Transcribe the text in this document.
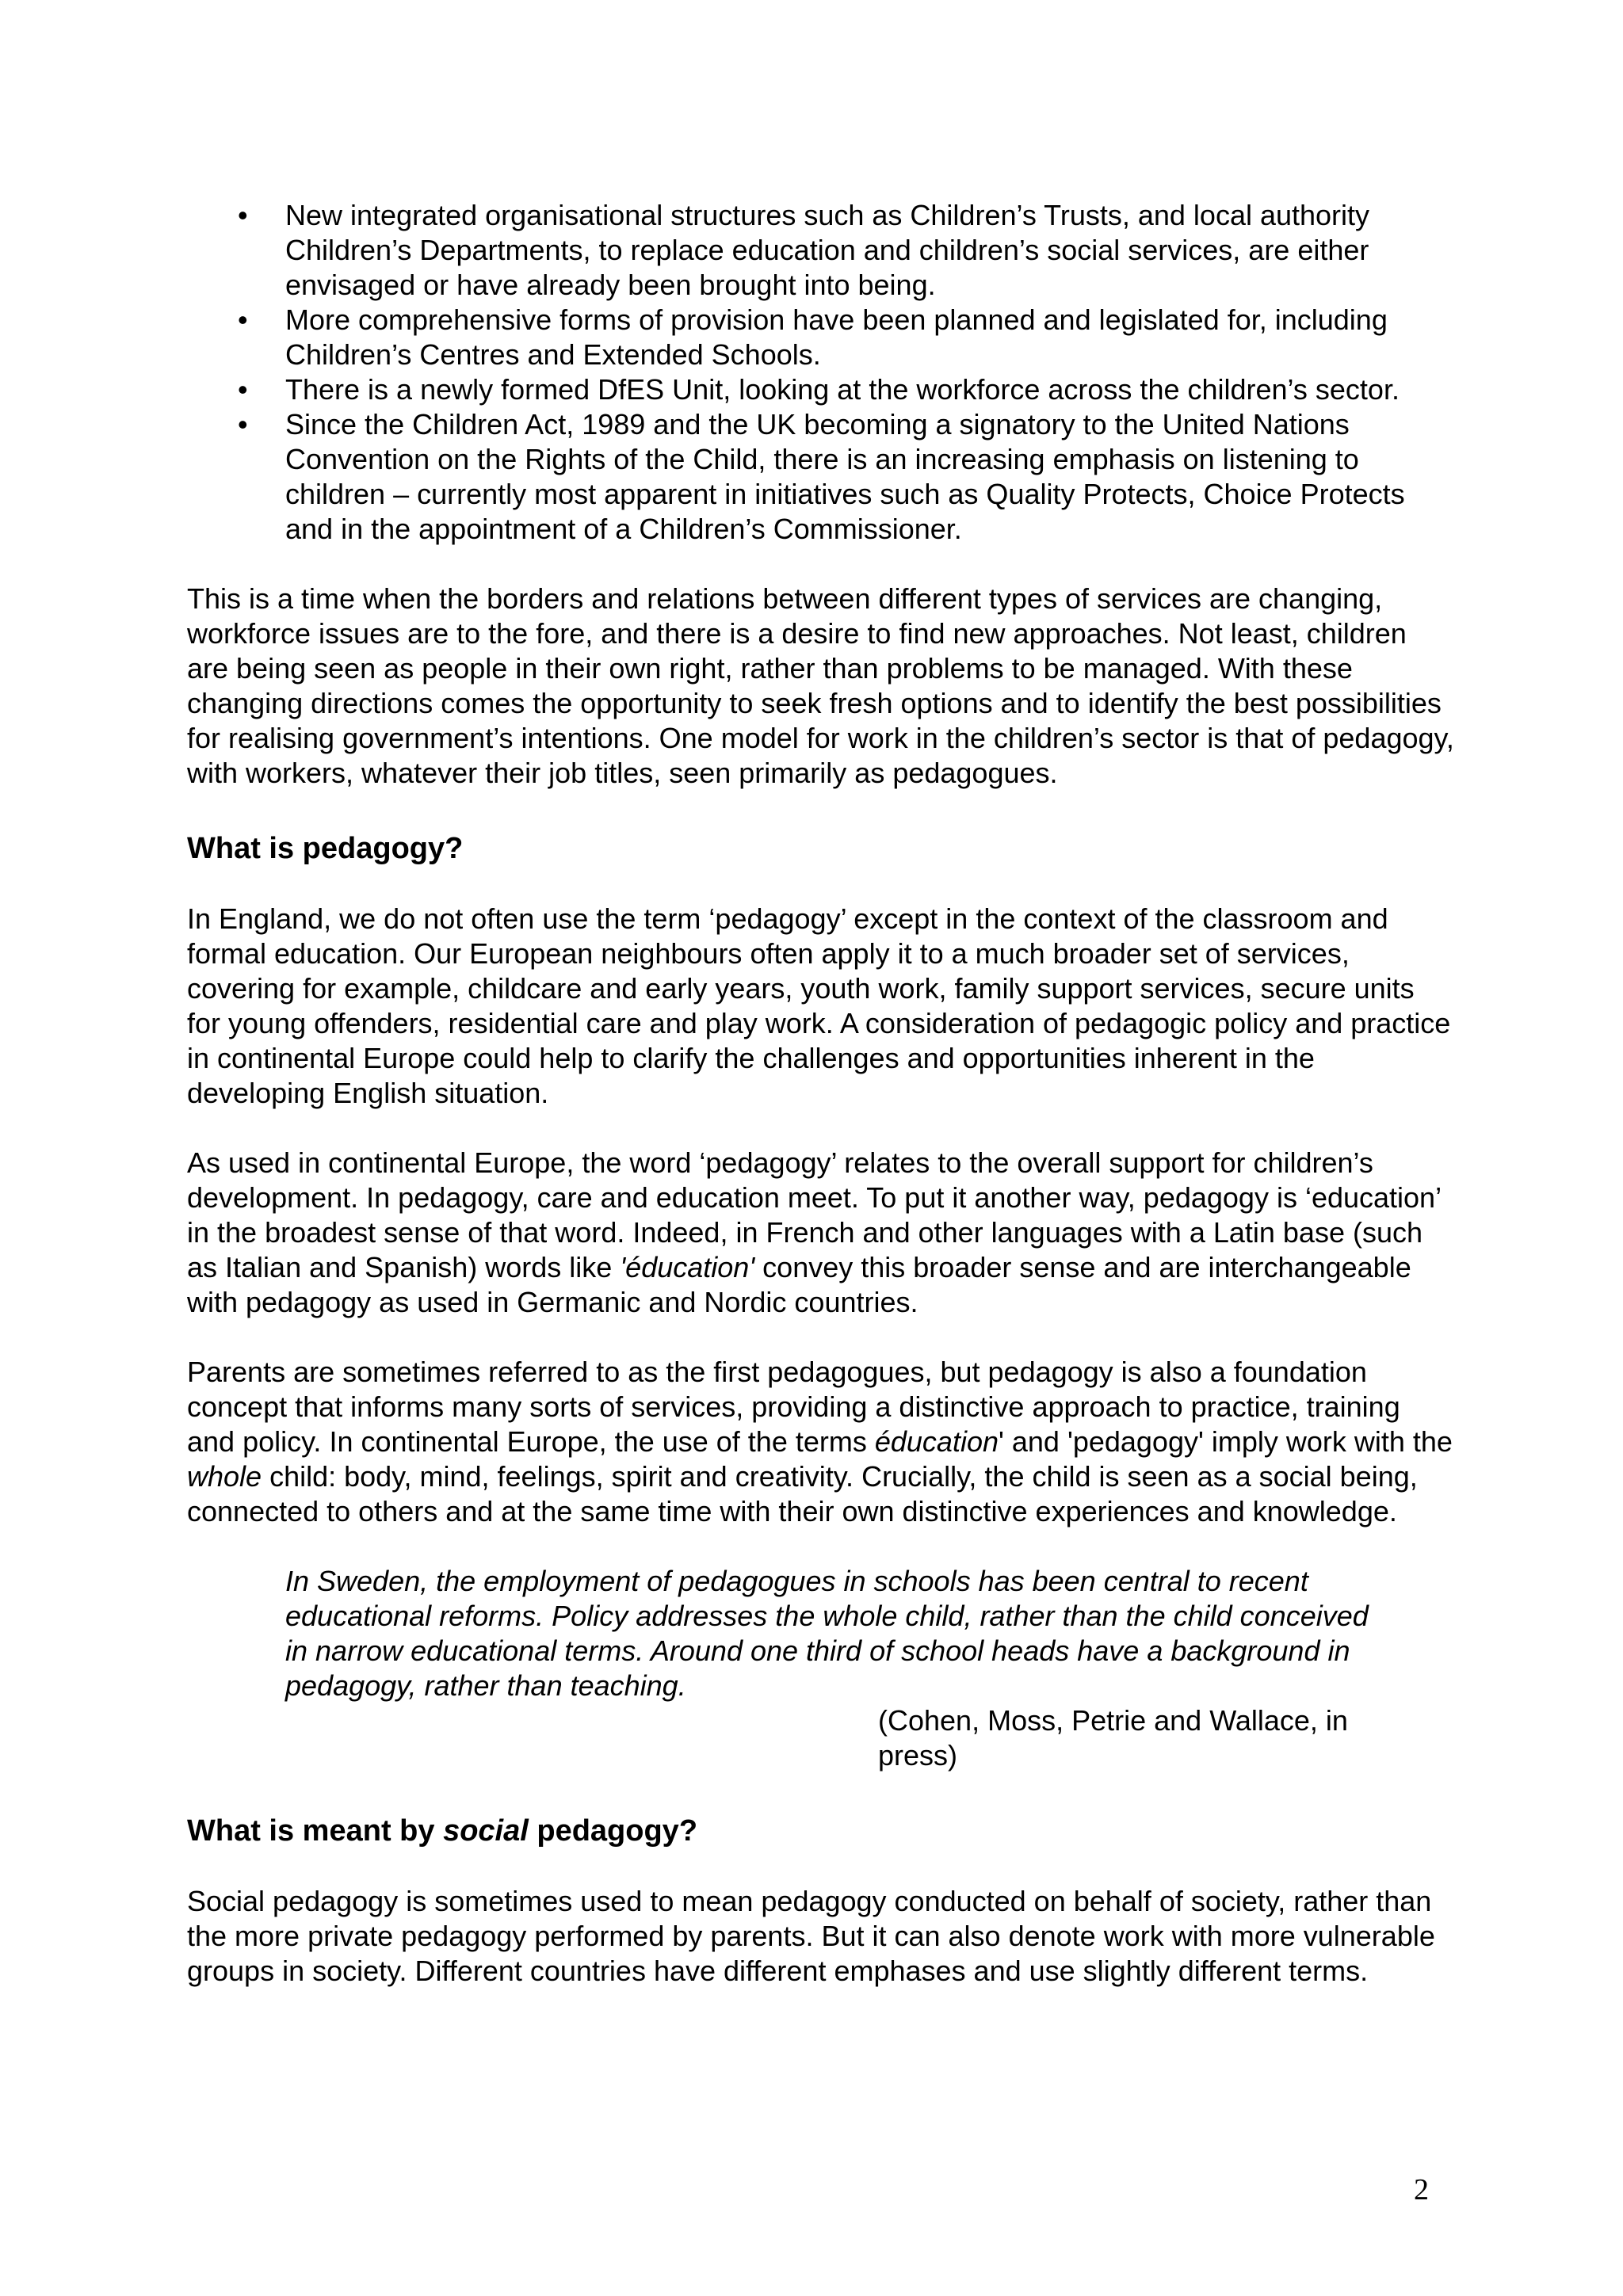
• New integrated organisational structures such as Children’s Trusts, and local authority Children’s Departments, to replace education and children’s social services, are either envisaged or have already been brought into being.
• More comprehensive forms of provision have been planned and legislated for, including Children’s Centres and Extended Schools.
• There is a newly formed DfES Unit, looking at the workforce across the children’s sector.
• Since the Children Act, 1989 and the UK becoming a signatory to the United Nations Convention on the Rights of the Child, there is an increasing emphasis on listening to children – currently most apparent in initiatives such as Quality Protects, Choice Protects and in the appointment of a Children’s Commissioner.

This is a time when the borders and relations between different types of services are changing, workforce issues are to the fore, and there is a desire to find new approaches. Not least, children are being seen as people in their own right, rather than problems to be managed. With these changing directions comes the opportunity to seek fresh options and to identify the best possibilities for realising government’s intentions. One model for work in the children’s sector is that of pedagogy, with workers, whatever their job titles, seen primarily as pedagogues.

What is pedagogy?

In England, we do not often use the term ‘pedagogy’ except in the context of the classroom and formal education. Our European neighbours often apply it to a much broader set of services, covering for example, childcare and early years, youth work, family support services, secure units for young offenders, residential care and play work. A consideration of pedagogic policy and practice in continental Europe could help to clarify the challenges and opportunities inherent in the developing English situation.

As used in continental Europe, the word ‘pedagogy’ relates to the overall support for children’s development. In pedagogy, care and education meet. To put it another way, pedagogy is ‘education’ in the broadest sense of that word. Indeed, in French and other languages with a Latin base (such as Italian and Spanish) words like 'éducation' convey this broader sense and are interchangeable with pedagogy as used in Germanic and Nordic countries.

Parents are sometimes referred to as the first pedagogues, but pedagogy is also a foundation concept that informs many sorts of services, providing a distinctive approach to practice, training and policy. In continental Europe, the use of the terms éducation' and 'pedagogy' imply work with the whole child: body, mind, feelings, spirit and creativity. Crucially, the child is seen as a social being, connected to others and at the same time with their own distinctive experiences and knowledge.

In Sweden, the employment of pedagogues in schools has been central to recent educational reforms. Policy addresses the whole child, rather than the child conceived in narrow educational terms. Around one third of school heads have a background in pedagogy, rather than teaching.

(Cohen, Moss, Petrie and Wallace, in press)

What is meant by social pedagogy?

Social pedagogy is sometimes used to mean pedagogy conducted on behalf of society, rather than the more private pedagogy performed by parents. But it can also denote work with more vulnerable groups in society. Different countries have different emphases and use slightly different terms.

2
